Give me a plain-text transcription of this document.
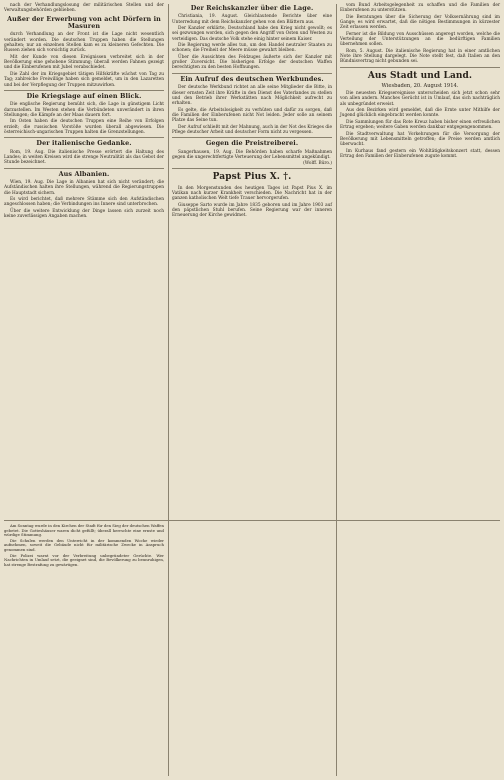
nach der Verhandlungslosung der militärischen Stellen und der Verwaltungsbehörden geblieben.
Außer der Erwerbung von acht Dörfern in Masuren
durch Verhandlung an der Front ist die Lage nicht wesentlich verändert worden. Die deutschen Truppen haben die Stellungen gehalten; nur an einzelnen Stellen kam es zu kleineren Gefechten. Die Russen ziehen sich vorsichtig zurück.
Mit der Kunde von diesen Ereignissen verbreitet sich in der Bevölkerung eine gehobene Stimmung; überall werden Fahnen gezeigt und die Einberufenen mit Jubel verabschiedet.
Die Zahl der im Kriegsgebiet tätigen Hilfskräfte wächst von Tag zu Tag; zahlreiche Freiwillige haben sich gemeldet, um in den Lazaretten und bei der Verpflegung der Truppen mitzuwirken.
Die Kriegslage auf einen Blick.
Die englische Regierung bemüht sich, die Lage in günstigem Licht darzustellen. Im Westen stehen die Verbündeten unverändert in ihren Stellungen; die Kämpfe an der Maas dauern fort.
Im Osten haben die deutschen Truppen eine Reihe von Erfolgen erzielt; die russischen Vorstöße wurden überall abgewiesen. Die österreichisch-ungarischen Truppen halten die Grenzstellungen.
Der italienische Gedanke.
Rom, 19. Aug. Die italienische Presse erörtert die Haltung des Landes; in weiten Kreisen wird die strenge Neutralität als das Gebot der Stunde bezeichnet.
Aus Albanien.
Wien, 19. Aug. Die Lage in Albanien hat sich nicht verändert; die Aufständischen halten ihre Stellungen, während die Regierungstruppen die Hauptstadt sichern.
Es wird berichtet, daß mehrere Stämme sich den Aufständischen angeschlossen haben; die Verbindungen ins Innere sind unterbrochen.
Über die weitere Entwicklung der Dinge lassen sich zurzeit noch keine zuverlässigen Angaben machen.
Der Reichskanzler über die Lage.
Christiania, 19. August. Gleichlautende Berichte über eine Unterredung mit dem Reichskanzler gehen von den Blättern aus.
Der Kanzler erklärte, Deutschland habe den Krieg nicht gewollt; es sei gezwungen worden, sich gegen den Angriff von Osten und Westen zu verteidigen. Das deutsche Volk stehe einig hinter seinem Kaiser.
Die Regierung werde alles tun, um den Handel neutraler Staaten zu schonen; die Freiheit der Meere müsse gewahrt bleiben.
Über die Aussichten des Feldzuges äußerte sich der Kanzler mit großer Zuversicht. Die bisherigen Erfolge der deutschen Waffen berechtigten zu den besten Hoffnungen.
Ein Aufruf des deutschen Werkbundes.
Der deutsche Werkbund richtet an alle seine Mitglieder die Bitte, in dieser ernsten Zeit ihre Kräfte in den Dienst des Vaterlandes zu stellen und den Betrieb ihrer Werkstätten nach Möglichkeit aufrecht zu erhalten.
Es gelte, die Arbeitslosigkeit zu verhüten und dafür zu sorgen, daß die Familien der Einberufenen nicht Not leiden. Jeder solle an seinem Platze das Seine tun.
Der Aufruf schließt mit der Mahnung, auch in der Not des Krieges die Pflege deutscher Arbeit und deutscher Form nicht zu vergessen.
Gegen die Preistreiberei.
Sangerhausen, 19. Aug. Die Behörden haben scharfe Maßnahmen gegen die ungerechtfertigte Verteuerung der Lebensmittel angekündigt.
(Wolff. Büro.)
Papst Pius X. †.
In den Morgenstunden des heutigen Tages ist Papst Pius X. im Vatikan nach kurzer Krankheit verschieden. Die Nachricht hat in der ganzen katholischen Welt tiefe Trauer hervorgerufen.
Giuseppe Sarto wurde im Jahre 1835 geboren und im Jahre 1903 auf den päpstlichen Stuhl berufen. Seine Regierung war der inneren Erneuerung der Kirche gewidmet.
vom Bund Arbeitsgelegenheit zu schaffen und die Familien der Einberufenen zu unterstützen.
Die Beratungen über die Sicherung der Volksernährung sind im Gange; es wird erwartet, daß die nötigen Bestimmungen in kürzester Zeit erlassen werden.
Ferner ist die Bildung von Ausschüssen angeregt worden, welche die Verteilung der Unterstützungen an die bedürftigen Familien übernehmen sollen.
Rom, 5. August. Die italienische Regierung hat in einer amtlichen Note ihre Stellung dargelegt. Die Note stellt fest, daß Italien an den Bündnisvertrag nicht gebunden sei.
Aus Stadt und Land.
Wiesbaden, 20. August 1914.
Die neuesten Kriegsereignisse unterscheiden sich jetzt schon sehr von allen andern. Manches Gerücht ist in Umlauf, das sich nachträglich als unbegründet erweist.
Aus den Bezirken wird gemeldet, daß die Ernte unter Mithilfe der Jugend glücklich eingebracht werden konnte.
Die Sammlungen für das Rote Kreuz haben bisher einen erfreulichen Ertrag ergeben; weitere Gaben werden dankbar entgegengenommen.
Die Stadtverwaltung hat Vorkehrungen für die Versorgung der Bevölkerung mit Lebensmitteln getroffen; die Preise werden amtlich überwacht.
Im Kurhaus fand gestern ein Wohltätigkeitskonzert statt, dessen Ertrag den Familien der Einberufenen zugute kommt.
Am Sonntag wurde in den Kirchen der Stadt für den Sieg der deutschen Waffen gebetet. Die Gotteshäuser waren dicht gefüllt; überall herrschte eine ernste und würdige Stimmung.
Die Schulen werden den Unterricht in der kommenden Woche wieder aufnehmen, soweit die Gebäude nicht für militärische Zwecke in Anspruch genommen sind.
Die Polizei warnt vor der Verbreitung unbegründeter Gerüchte. Wer Nachrichten in Umlauf setzt, die geeignet sind, die Bevölkerung zu beunruhigen, hat strenge Bestrafung zu gewärtigen.
